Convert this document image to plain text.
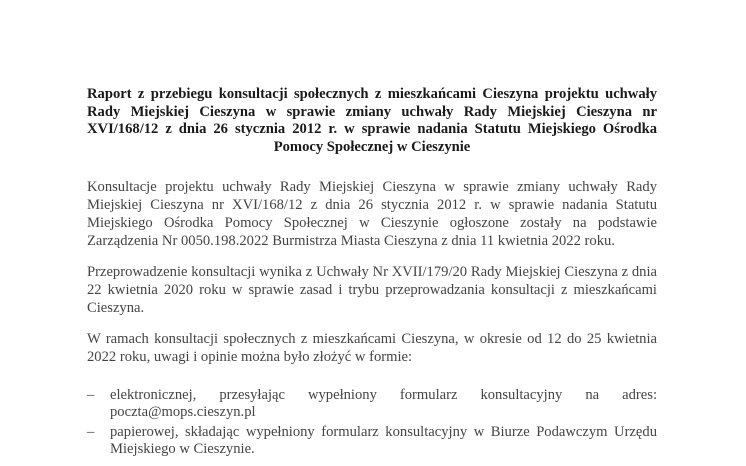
Raport z przebiegu konsultacji społecznych z mieszkańcami Cieszyna projektu uchwały Rady Miejskiej Cieszyna w sprawie zmiany uchwały Rady Miejskiej Cieszyna nr XVI/168/12 z dnia 26 stycznia 2012 r. w sprawie nadania Statutu Miejskiego Ośrodka Pomocy Społecznej w Cieszynie
Konsultacje projektu uchwały Rady Miejskiej Cieszyna w sprawie zmiany uchwały Rady Miejskiej Cieszyna nr XVI/168/12 z dnia 26 stycznia 2012 r. w sprawie nadania Statutu Miejskiego Ośrodka Pomocy Społecznej w Cieszynie ogłoszone zostały na podstawie Zarządzenia Nr 0050.198.2022 Burmistrza Miasta Cieszyna z dnia 11 kwietnia 2022 roku.
Przeprowadzenie konsultacji wynika z Uchwały Nr XVII/179/20 Rady Miejskiej Cieszyna z dnia 22 kwietnia 2020 roku w sprawie zasad i trybu przeprowadzania konsultacji z mieszkańcami Cieszyna.
W ramach konsultacji społecznych z mieszkańcami Cieszyna, w okresie od 12 do 25 kwietnia 2022 roku, uwagi i opinie można było złożyć w formie:
– elektronicznej, przesyłając wypełniony formularz konsultacyjny na adres: poczta@mops.cieszyn.pl
– papierowej, składając wypełniony formularz konsultacyjny w Biurze Podawczym Urzędu Miejskiego w Cieszynie.
